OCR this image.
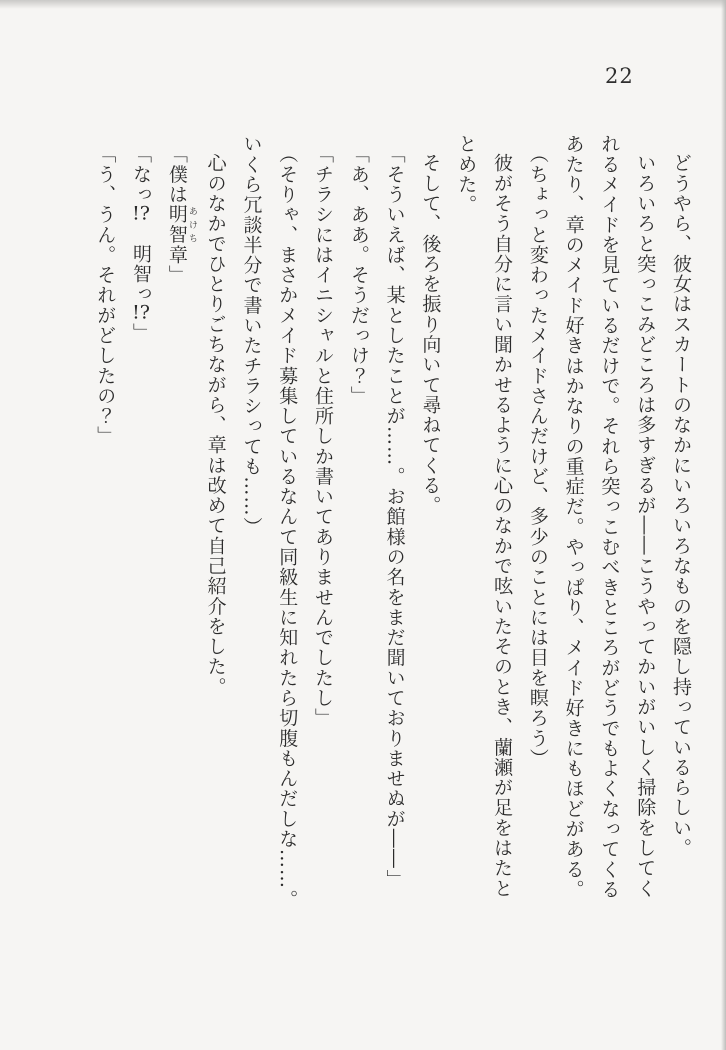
22
どうやら、彼女はスカートのなかにいろいろなものを隠し持っているらしい。
いろいろと突っこみどころは多すぎるが――こうやってかいがいしく掃除をしてく
れるメイドを見ているだけで。それら突っこむべきところがどうでもよくなってくる
あたり、章のメイド好きはかなりの重症だ。やっぱり、メイド好きにもほどがある。
（ちょっと変わったメイドさんだけど、多少のことには目を瞑ろう）
彼がそう自分に言い聞かせるように心のなかで呟いたそのとき、蘭瀬が足をはたと
とめた。
そして、後ろを振り向いて尋ねてくる。
「そういえば、某としたことが……。お館様の名をまだ聞いておりませぬが――」
「あ、ああ。そうだっけ？」
「チラシにはイニシャルと住所しか書いてありませんでしたし」
（そりゃ、まさかメイド募集しているなんて同級生に知れたら切腹もんだしな……。
いくら冗談半分で書いたチラシっても……）
心のなかでひとりごちながら、章は改めて自己紹介をした。
「僕は明智 あけち章」
「なっ!?　明智っ!?」
「う、うん。それがどしたの？」
